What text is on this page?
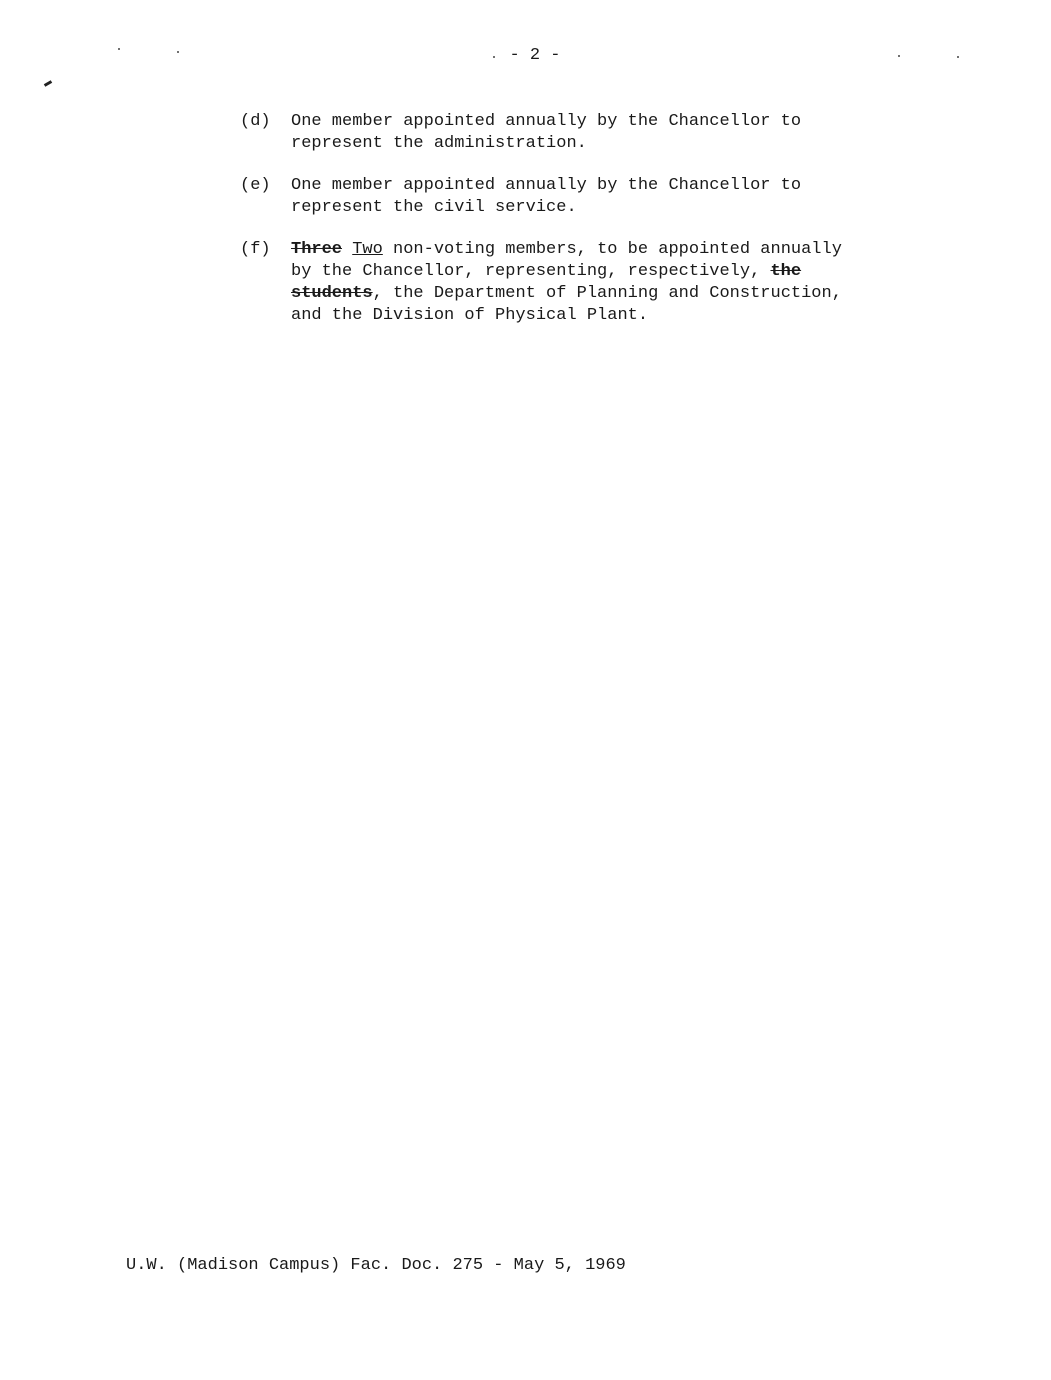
- 2 -
(d)	One member appointed annually by the Chancellor to
represent the administration.
(e)	One member appointed annually by the Chancellor to
represent the civil service.
(f)	Three Two non-voting members, to be appointed annually
by the Chancellor, representing, respectively, the
students, the Department of Planning and Construction,
and the Division of Physical Plant.
U.W. (Madison Campus) Fac. Doc. 275 - May 5, 1969
